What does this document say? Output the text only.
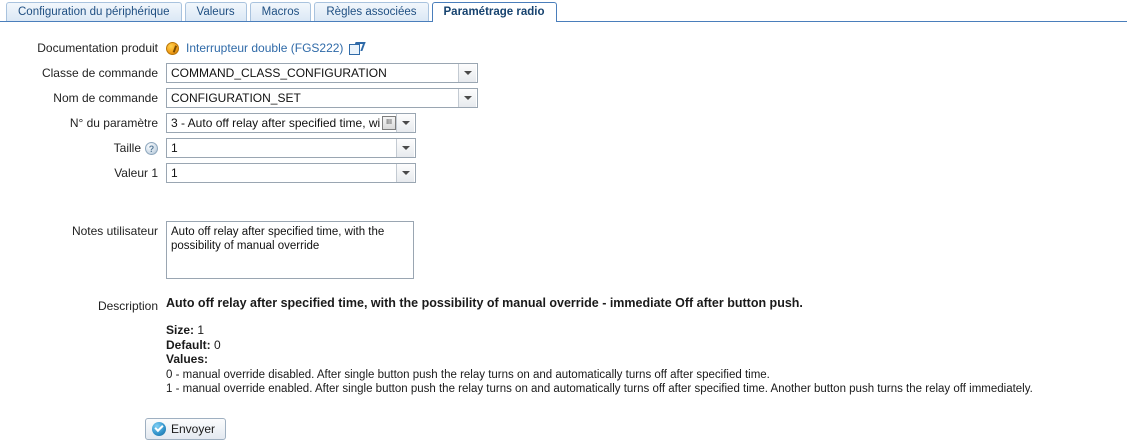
Configuration du périphérique	Valeurs	Macros	Règles associées	Paramétrage radio
Documentation produit	Interrupteur double (FGS222)
Classe de commande	COMMAND_CLASS_CONFIGURATION
Nom de commande	CONFIGURATION_SET
N° du paramètre	3 - Auto off relay after specified time, wi III
Taille ?	1
Valeur 1	1
Notes utilisateur
Auto off relay after specified time, with the possibility of manual override
Description Auto off relay after specified time, with the possibility of manual override - immediate Off after button push.
Size: 1
Default: 0
Values:
0 - manual override disabled. After single button push the relay turns on and automatically turns off after specified time.
1 - manual override enabled. After single button push the relay turns on and automatically turns off after specified time. Another button push turns the relay off immediately.
Envoyer
